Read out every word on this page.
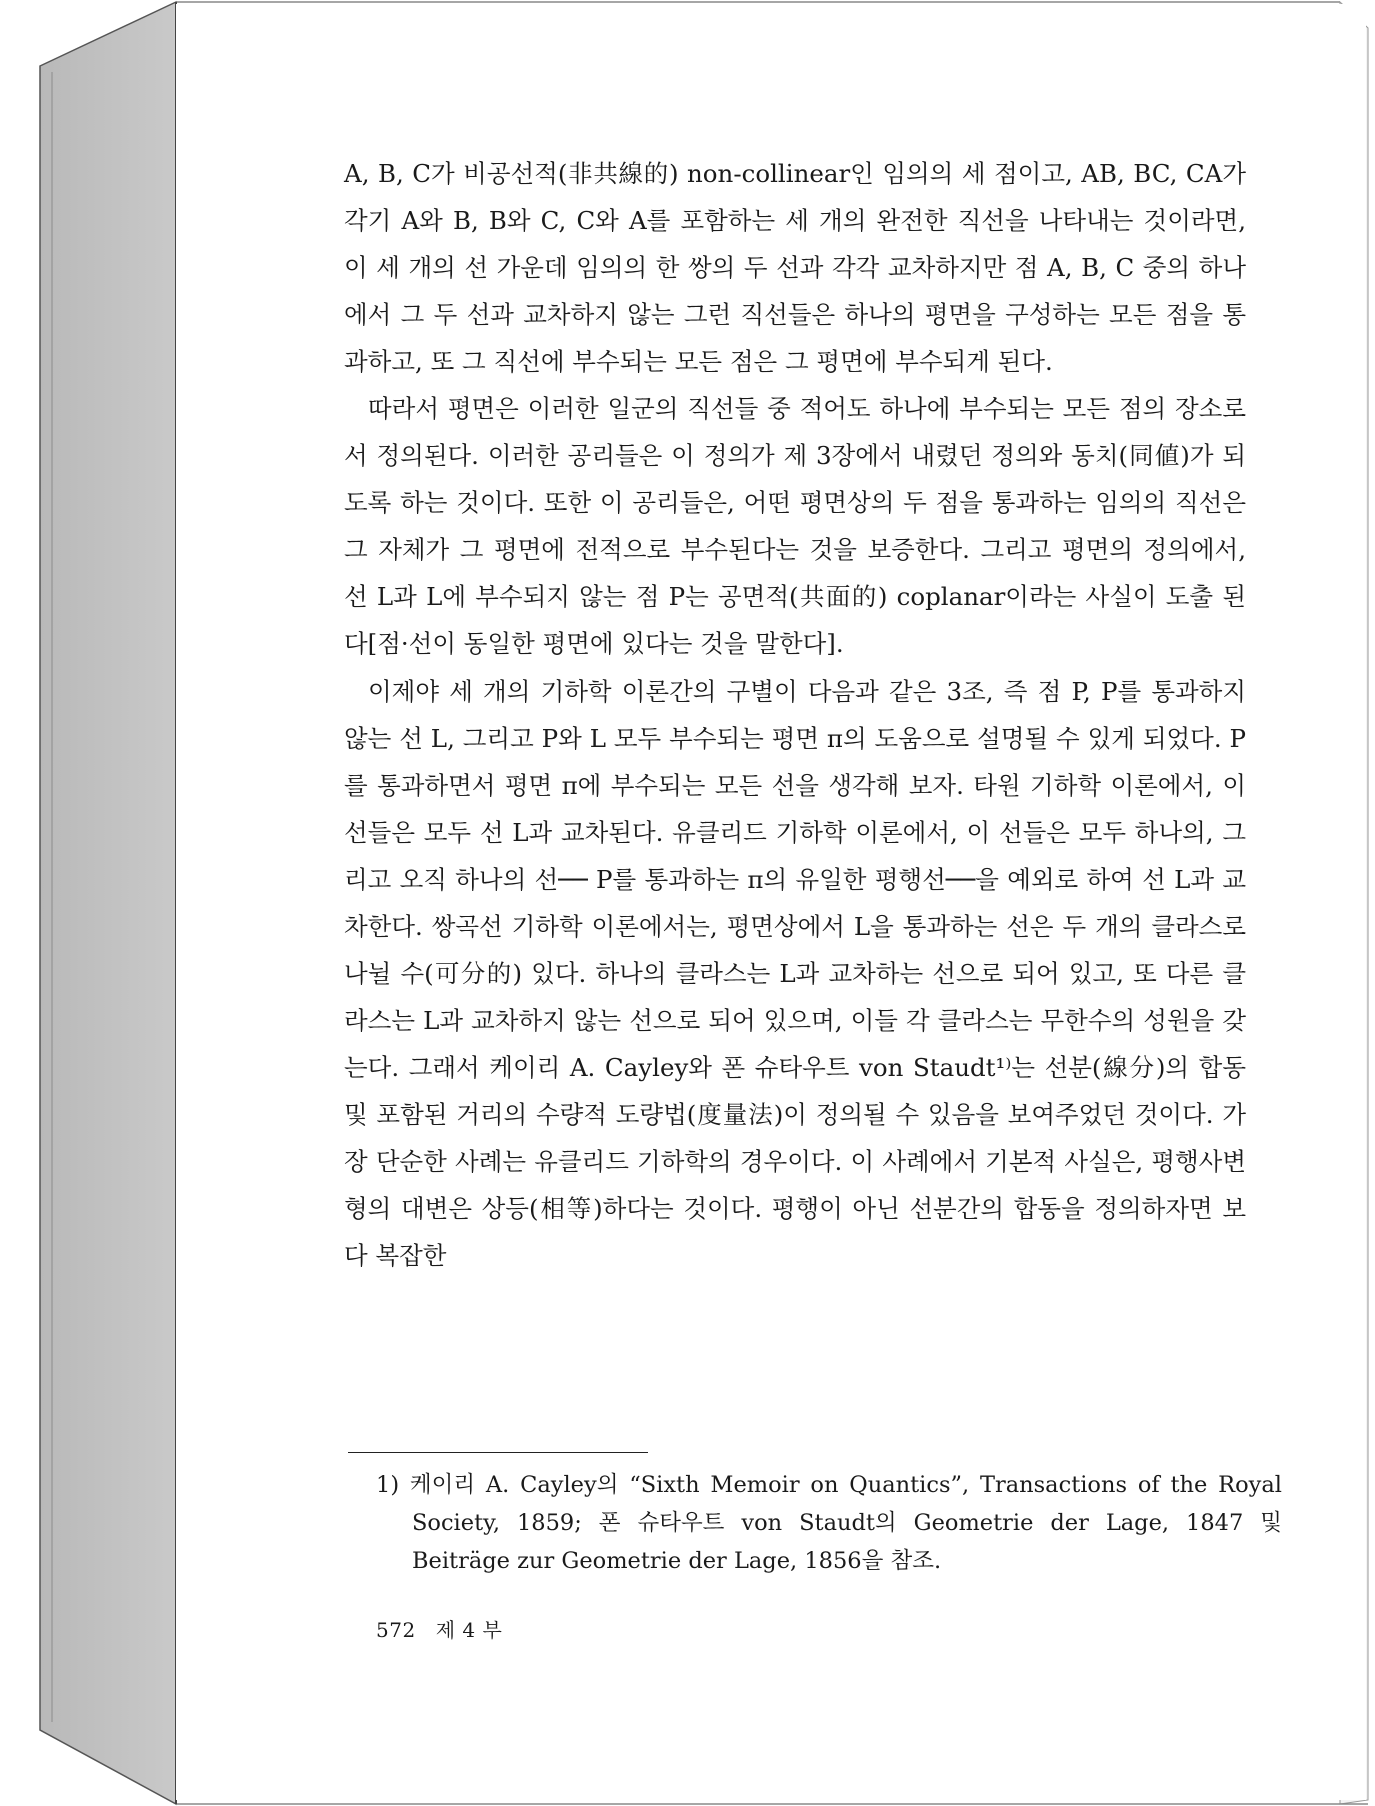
A, B, C가 비공선적(非共線的) non-collinear인 임의의 세 점이고, AB, BC, CA가 각기 A와 B, B와 C, C와 A를 포함하는 세 개의 완전한 직선을 나타내는 것이라면, 이 세 개의 선 가운데 임의의 한 쌍의 두 선과 각각 교차하지만 점 A, B, C 중의 하나에서 그 두 선과 교차하지 않는 그런 직선들은 하나의 평면을 구성하는 모든 점을 통과하고, 또 그 직선에 부수되는 모든 점은 그 평면에 부수되게 된다.

따라서 평면은 이러한 일군의 직선들 중 적어도 하나에 부수되는 모든 점의 장소로서 정의된다. 이러한 공리들은 이 정의가 제 3장에서 내렸던 정의와 동치(同値)가 되도록 하는 것이다. 또한 이 공리들은, 어떤 평면상의 두 점을 통과하는 임의의 직선은 그 자체가 그 평면에 전적으로 부수된다는 것을 보증한다. 그리고 평면의 정의에서, 선 L과 L에 부수되지 않는 점 P는 공면적(共面的) coplanar이라는 사실이 도출 된다[점·선이 동일한 평면에 있다는 것을 말한다].

이제야 세 개의 기하학 이론간의 구별이 다음과 같은 3조, 즉 점 P, P를 통과하지 않는 선 L, 그리고 P와 L 모두 부수되는 평면 π의 도움으로 설명될 수 있게 되었다. P를 통과하면서 평면 π에 부수되는 모든 선을 생각해 보자. 타원 기하학 이론에서, 이 선들은 모두 선 L과 교차된다. 유클리드 기하학 이론에서, 이 선들은 모두 하나의, 그리고 오직 하나의 선── P를 통과하는 π의 유일한 평행선──을 예외로 하여 선 L과 교차한다. 쌍곡선 기하학 이론에서는, 평면상에서 L을 통과하는 선은 두 개의 클라스로 나뉠 수(可分的) 있다. 하나의 클라스는 L과 교차하는 선으로 되어 있고, 또 다른 클라스는 L과 교차하지 않는 선으로 되어 있으며, 이들 각 클라스는 무한수의 성원을 갖는다. 그래서 케이리 A. Cayley와 폰 슈타우트 von Staudt¹⁾는 선분(線分)의 합동 및 포함된 거리의 수량적 도량법(度量法)이 정의될 수 있음을 보여주었던 것이다. 가장 단순한 사례는 유클리드 기하학의 경우이다. 이 사례에서 기본적 사실은, 평행사변형의 대변은 상등(相等)하다는 것이다. 평행이 아닌 선분간의 합동을 정의하자면 보다 복잡한

1) 케이리 A. Cayley의 “Sixth Memoir on Quantics”, Transactions of the Royal Society, 1859; 폰 슈타우트 von Staudt의 Geometrie der Lage, 1847 및 Beiträge zur Geometrie der Lage, 1856을 참조.
572 제 4 부
